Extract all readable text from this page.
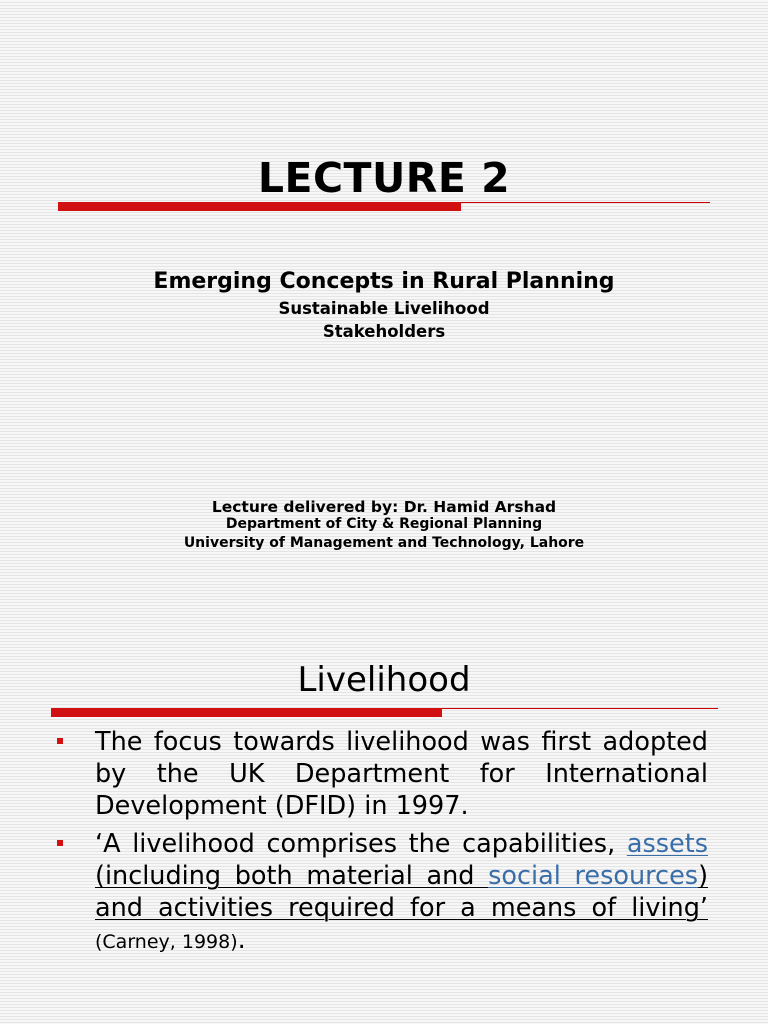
LECTURE 2
Emerging Concepts in Rural Planning
Sustainable Livelihood
Stakeholders
Lecture delivered by: Dr. Hamid Arshad
Department of City & Regional Planning
University of Management and Technology, Lahore
Livelihood
The focus towards livelihood was first adopted by the UK Department for International Development (DFID) in 1997.
‘A livelihood comprises the capabilities, assets (including both material and social resources) and activities required for a means of living’ (Carney, 1998).
